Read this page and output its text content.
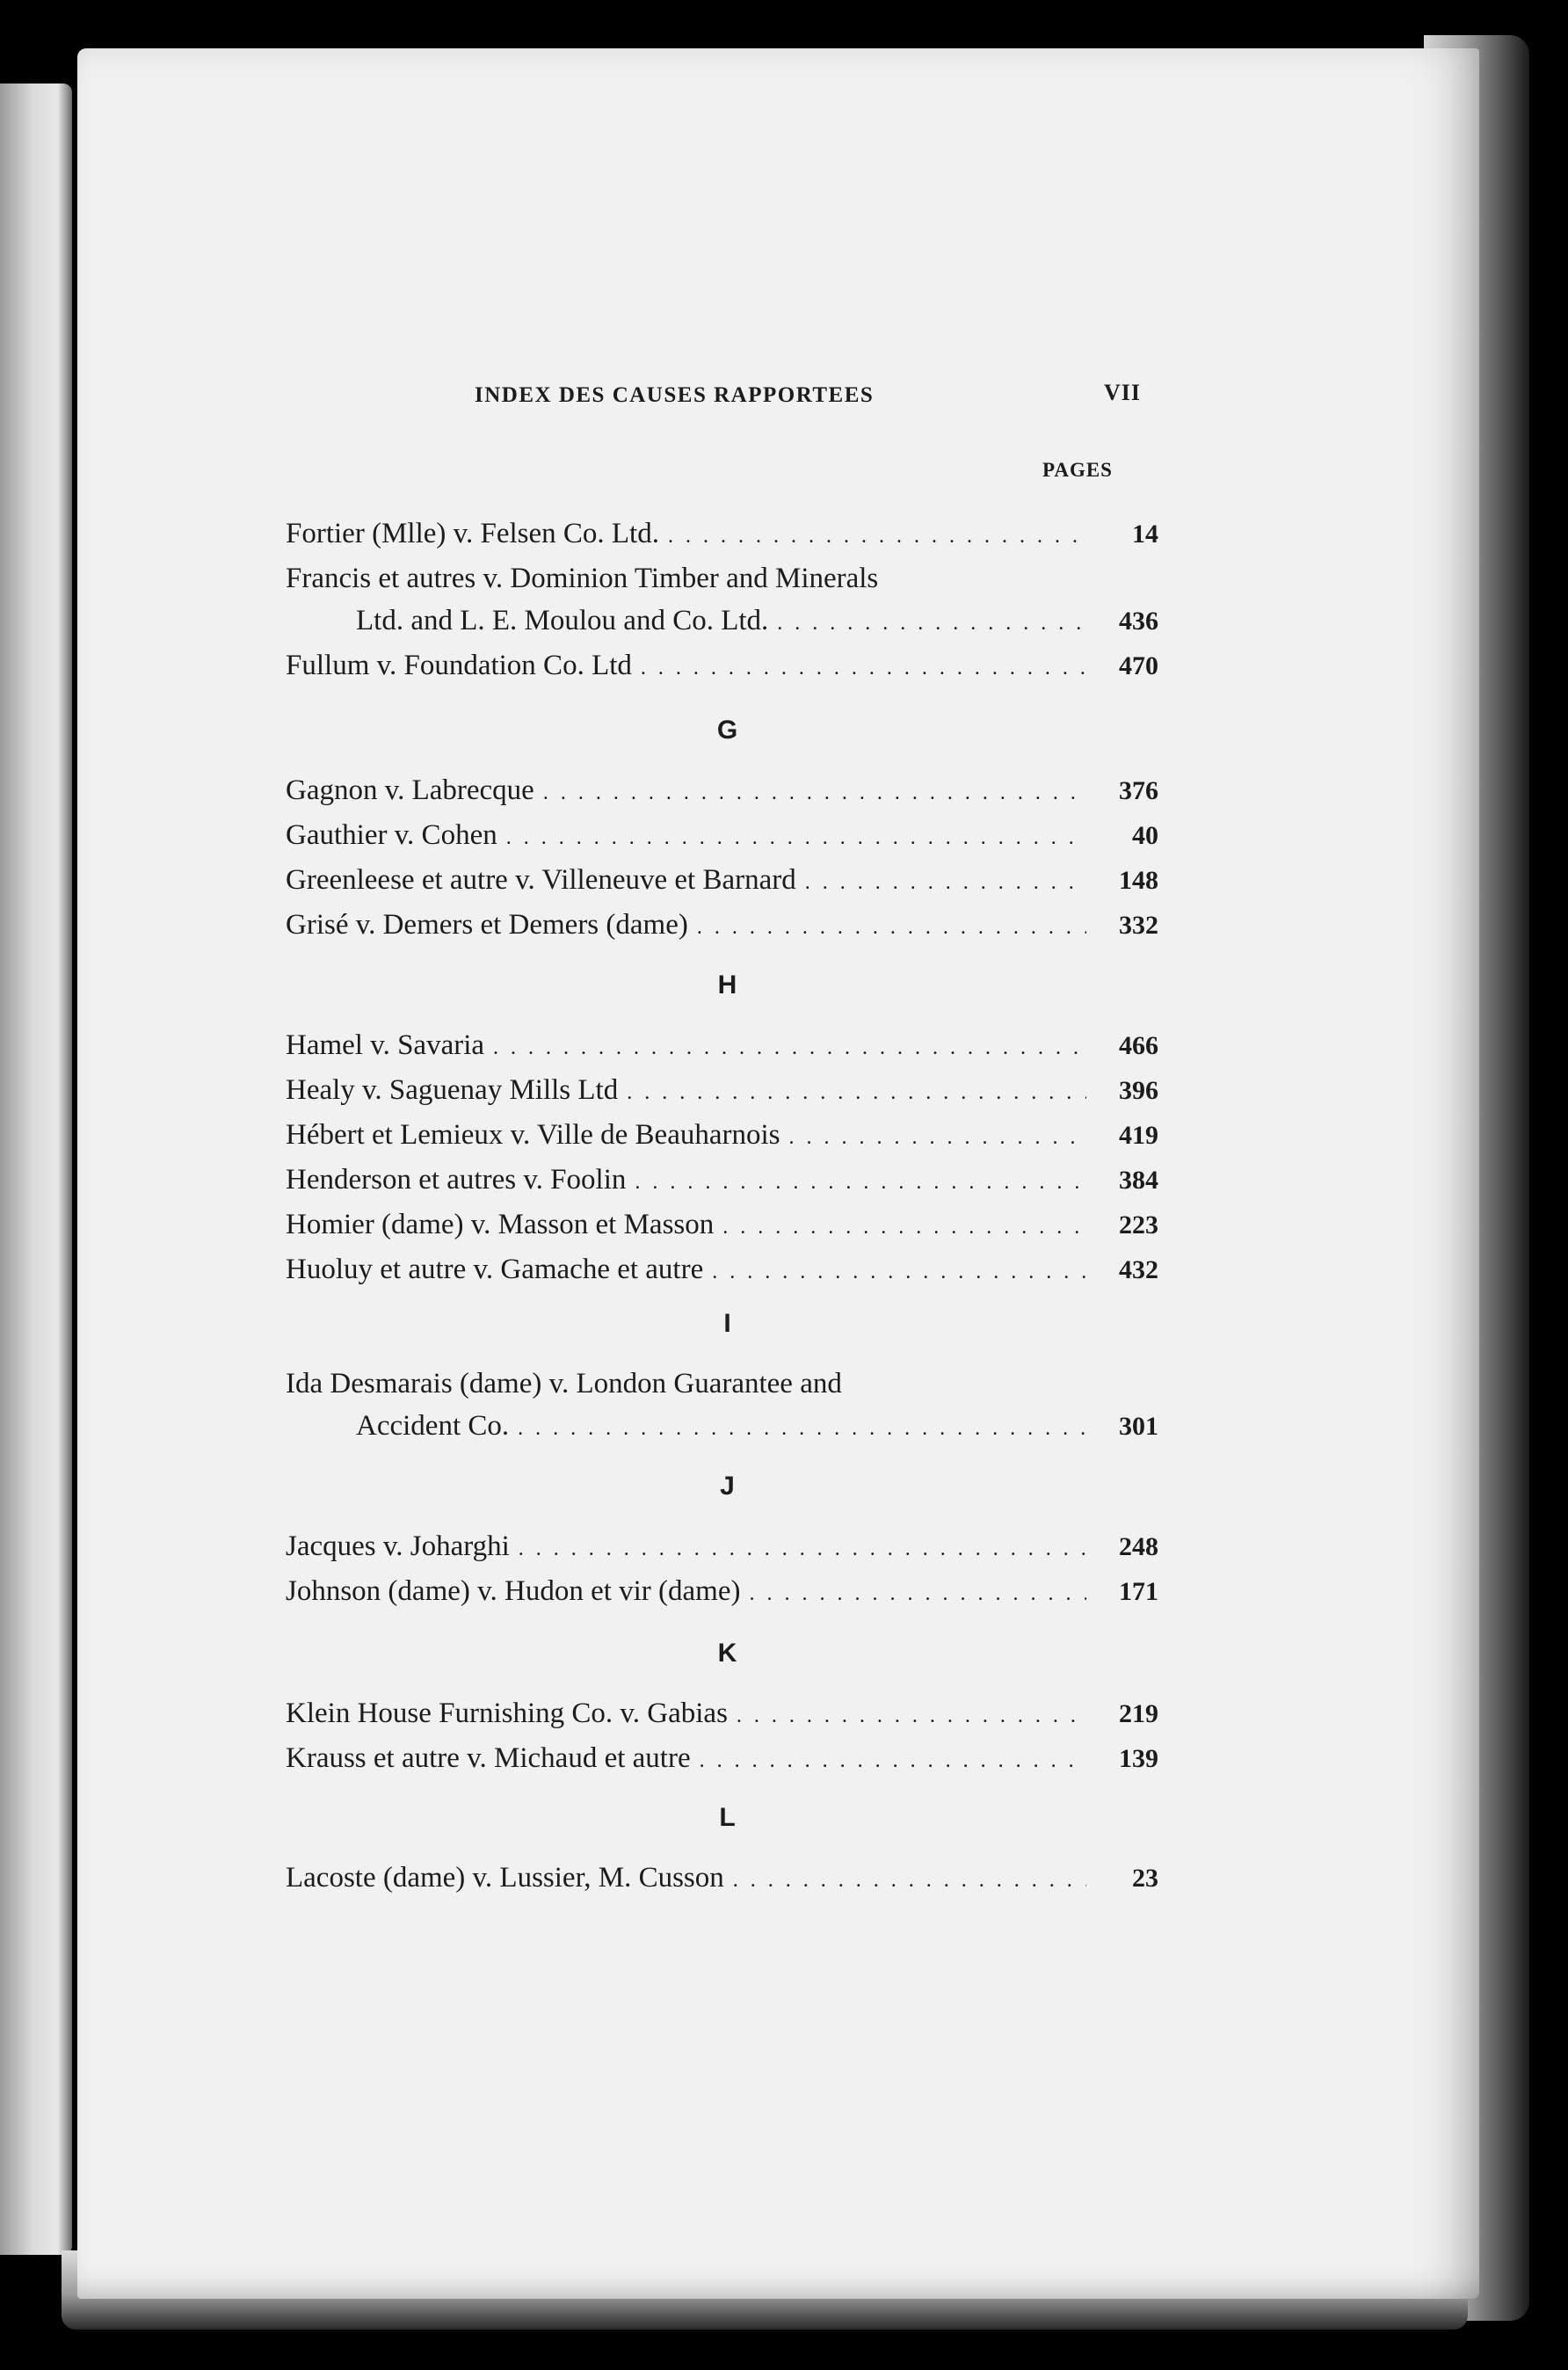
INDEX DES CAUSES RAPPORTEES	VII
PAGES
Fortier (Mlle) v. Felsen Co. Ltd. . . .	14
Francis et autres v. Dominion Timber and Minerals
Ltd. and L. E. Moulou and Co. Ltd. . . .	436
Fullum v. Foundation Co. Ltd . . .	470
G
Gagnon v. Labrecque . . .	376
Gauthier v. Cohen . . .	40
Greenleese et autre v. Villeneuve et Barnard . . .	148
Grisé v. Demers et Demers (dame) . . .	332
H
Hamel v. Savaria . . .	466
Healy v. Saguenay Mills Ltd . . .	396
Hébert et Lemieux v. Ville de Beauharnois . . .	419
Henderson et autres v. Foolin . . .	384
Homier (dame) v. Masson et Masson . . .	223
Huoluy et autre v. Gamache et autre . . .	432
I
Ida Desmarais (dame) v. London Guarantee and
Accident Co. . . .	301
J
Jacques v. Joharghi . . .	248
Johnson (dame) v. Hudon et vir (dame) . . .	171
K
Klein House Furnishing Co. v. Gabias . . .	219
Krauss et autre v. Michaud et autre . . .	139
L
Lacoste (dame) v. Lussier, M. Cusson . . .	23
